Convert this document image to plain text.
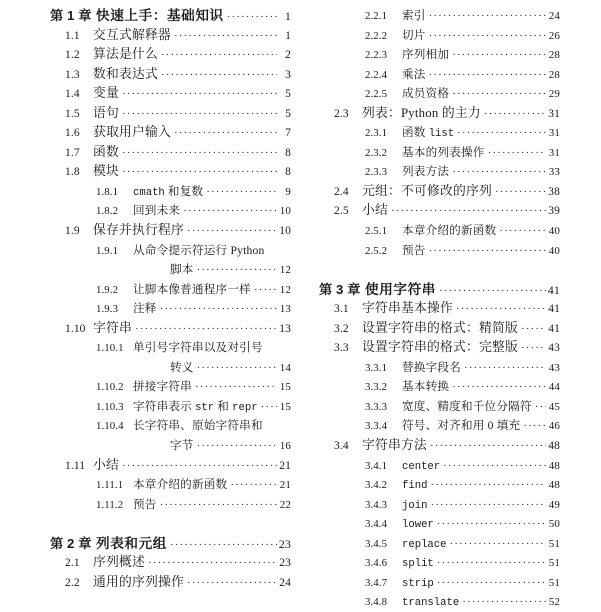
第 1 章 快速上手：基础知识 ·····	1
1.1	交互式解释器 ·····	1
1.2	算法是什么 ·····	2
1.3	数和表达式 ·····	3
1.4	变量 ·····	5
1.5	语句 ·····	5
1.6	获取用户输入 ·····	7
1.7	函数 ·····	8
1.8	模块 ·····	8
1.8.1	cmath 和复数 ·····	9
1.8.2	回到未来 ·····	10
1.9	保存并执行程序 ·····	10
1.9.1	从命令提示符运行 Python
脚本 ·····	12
1.9.2	让脚本像普通程序一样 ·····	12
1.9.3	注释 ·····	13
1.10 字符串 ·····	13
1.10.1 单引号字符串以及对引号
转义 ·····	14
1.10.2 拼接字符串 ·····	15
1.10.3 字符串表示 str 和 repr ····· 15
1.10.4 长字符串、原始字符串和
字节 ·····	16
1.11 小结 ·····	21
1.11.1 本章介绍的新函数 ·····	21
1.11.2 预告 ·····	22
第 2 章 列表和元组 ·····	23
2.1	序列概述 ·····	23
2.2	通用的序列操作 ·····	24
2.2.1	索引 ·····	24
2.2.2	切片 ·····	26
2.2.3	序列相加 ·····	28
2.2.4	乘法 ·····	28
2.2.5	成员资格 ·····	29
2.3	列表：Python 的主力 ·····	31
2.3.1	函数 list ·····	31
2.3.2	基本的列表操作 ·····	31
2.3.3	列表方法 ·····	33
2.4	元组：不可修改的序列 ·····	38
2.5	小结 ·····	39
2.5.1	本章介绍的新函数 ·····	40
2.5.2	预告 ·····	40
第 3 章 使用字符串 ·····	41
3.1	字符串基本操作 ·····	41
3.2	设置字符串的格式：精简版 ·····	41
3.3	设置字符串的格式：完整版 ·····	43
3.3.1	替换字段名 ·····	43
3.3.2	基本转换 ·····	44
3.3.3	宽度、精度和千位分隔符 ····· 45
3.3.4	符号、对齐和用 0 填充 ·····	46
3.4	字符串方法 ·····	48
3.4.1	center ·····	48
3.4.2	find ·····	48
3.4.3	join ·····	49
3.4.4	lower ·····	50
3.4.5	replace ·····	51
3.4.6	split ·····	51
3.4.7	strip ·····	51
3.4.8	translate ·····	52
